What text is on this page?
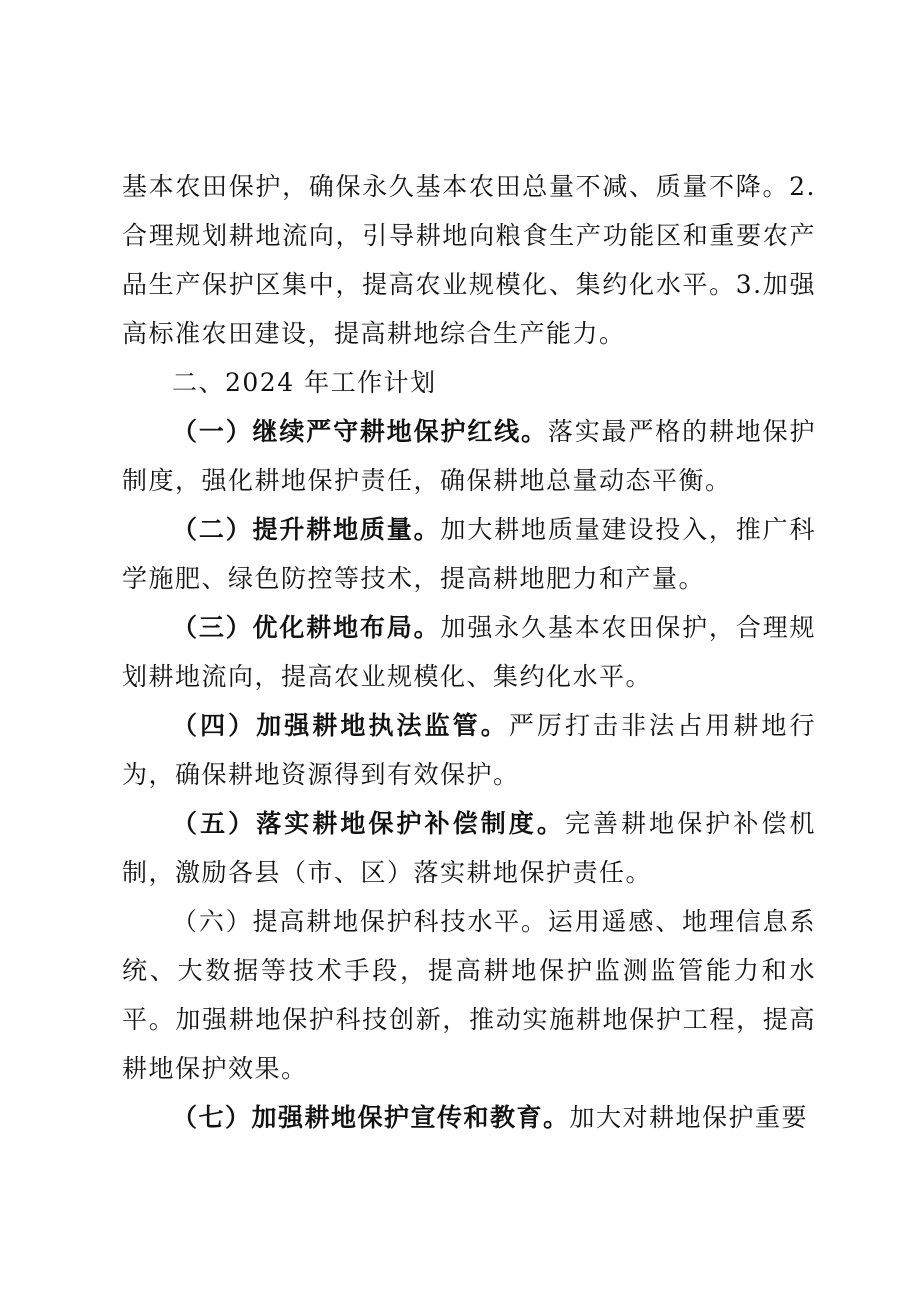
基本农田保护，确保永久基本农田总量不减、质量不降。2.合理规划耕地流向，引导耕地向粮食生产功能区和重要农产品生产保护区集中，提高农业规模化、集约化水平。3.加强高标准农田建设，提高耕地综合生产能力。

二、2024 年工作计划

（一）继续严守耕地保护红线。落实最严格的耕地保护制度，强化耕地保护责任，确保耕地总量动态平衡。

（二）提升耕地质量。加大耕地质量建设投入，推广科学施肥、绿色防控等技术，提高耕地肥力和产量。

（三）优化耕地布局。加强永久基本农田保护，合理规划耕地流向，提高农业规模化、集约化水平。

（四）加强耕地执法监管。严厉打击非法占用耕地行为，确保耕地资源得到有效保护。

（五）落实耕地保护补偿制度。完善耕地保护补偿机制，激励各县（市、区）落实耕地保护责任。

（六）提高耕地保护科技水平。运用遥感、地理信息系统、大数据等技术手段，提高耕地保护监测监管能力和水平。加强耕地保护科技创新，推动实施耕地保护工程，提高耕地保护效果。

（七）加强耕地保护宣传和教育。加大对耕地保护重要
